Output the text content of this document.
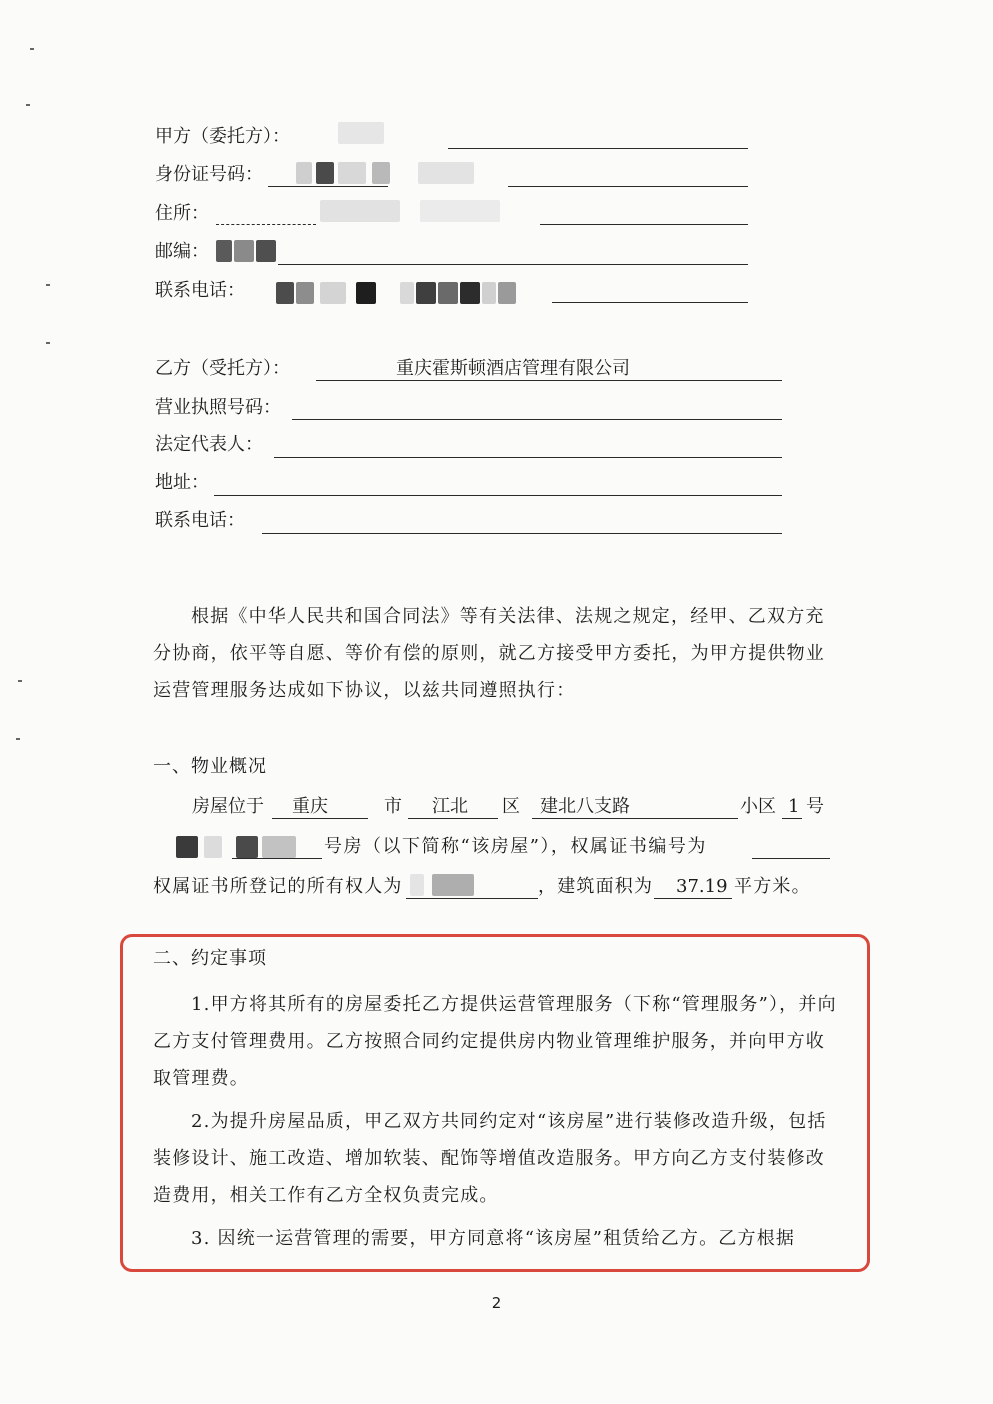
甲方（委托方）：
身份证号码：
住所：
邮编：
联系电话：
乙方（受托方）：	重庆霍斯顿酒店管理有限公司
营业执照号码：
法定代表人：
地址：
联系电话：
根据《中华人民共和国合同法》等有关法律、法规之规定，经甲、乙双方充分协商，依平等自愿、等价有偿的原则，就乙方接受甲方委托，为甲方提供物业运营管理服务达成如下协议，以兹共同遵照执行：
一、物业概况
房屋位于 重庆	市 江北 区 建北八支路	小区 1 号
号房（以下简称“该房屋”），权属证书编号为
权属证书所登记的所有权人为	，建筑面积为 37.19 平方米。
二、约定事项
1.甲方将其所有的房屋委托乙方提供运营管理服务（下称“管理服务”），并向乙方支付管理费用。乙方按照合同约定提供房内物业管理维护服务，并向甲方收取管理费。
2.为提升房屋品质，甲乙双方共同约定对“该房屋”进行装修改造升级，包括装修设计、施工改造、增加软装、配饰等增值改造服务。甲方向乙方支付装修改造费用，相关工作有乙方全权负责完成。
3. 因统一运营管理的需要，甲方同意将“该房屋”租赁给乙方。乙方根据
2
